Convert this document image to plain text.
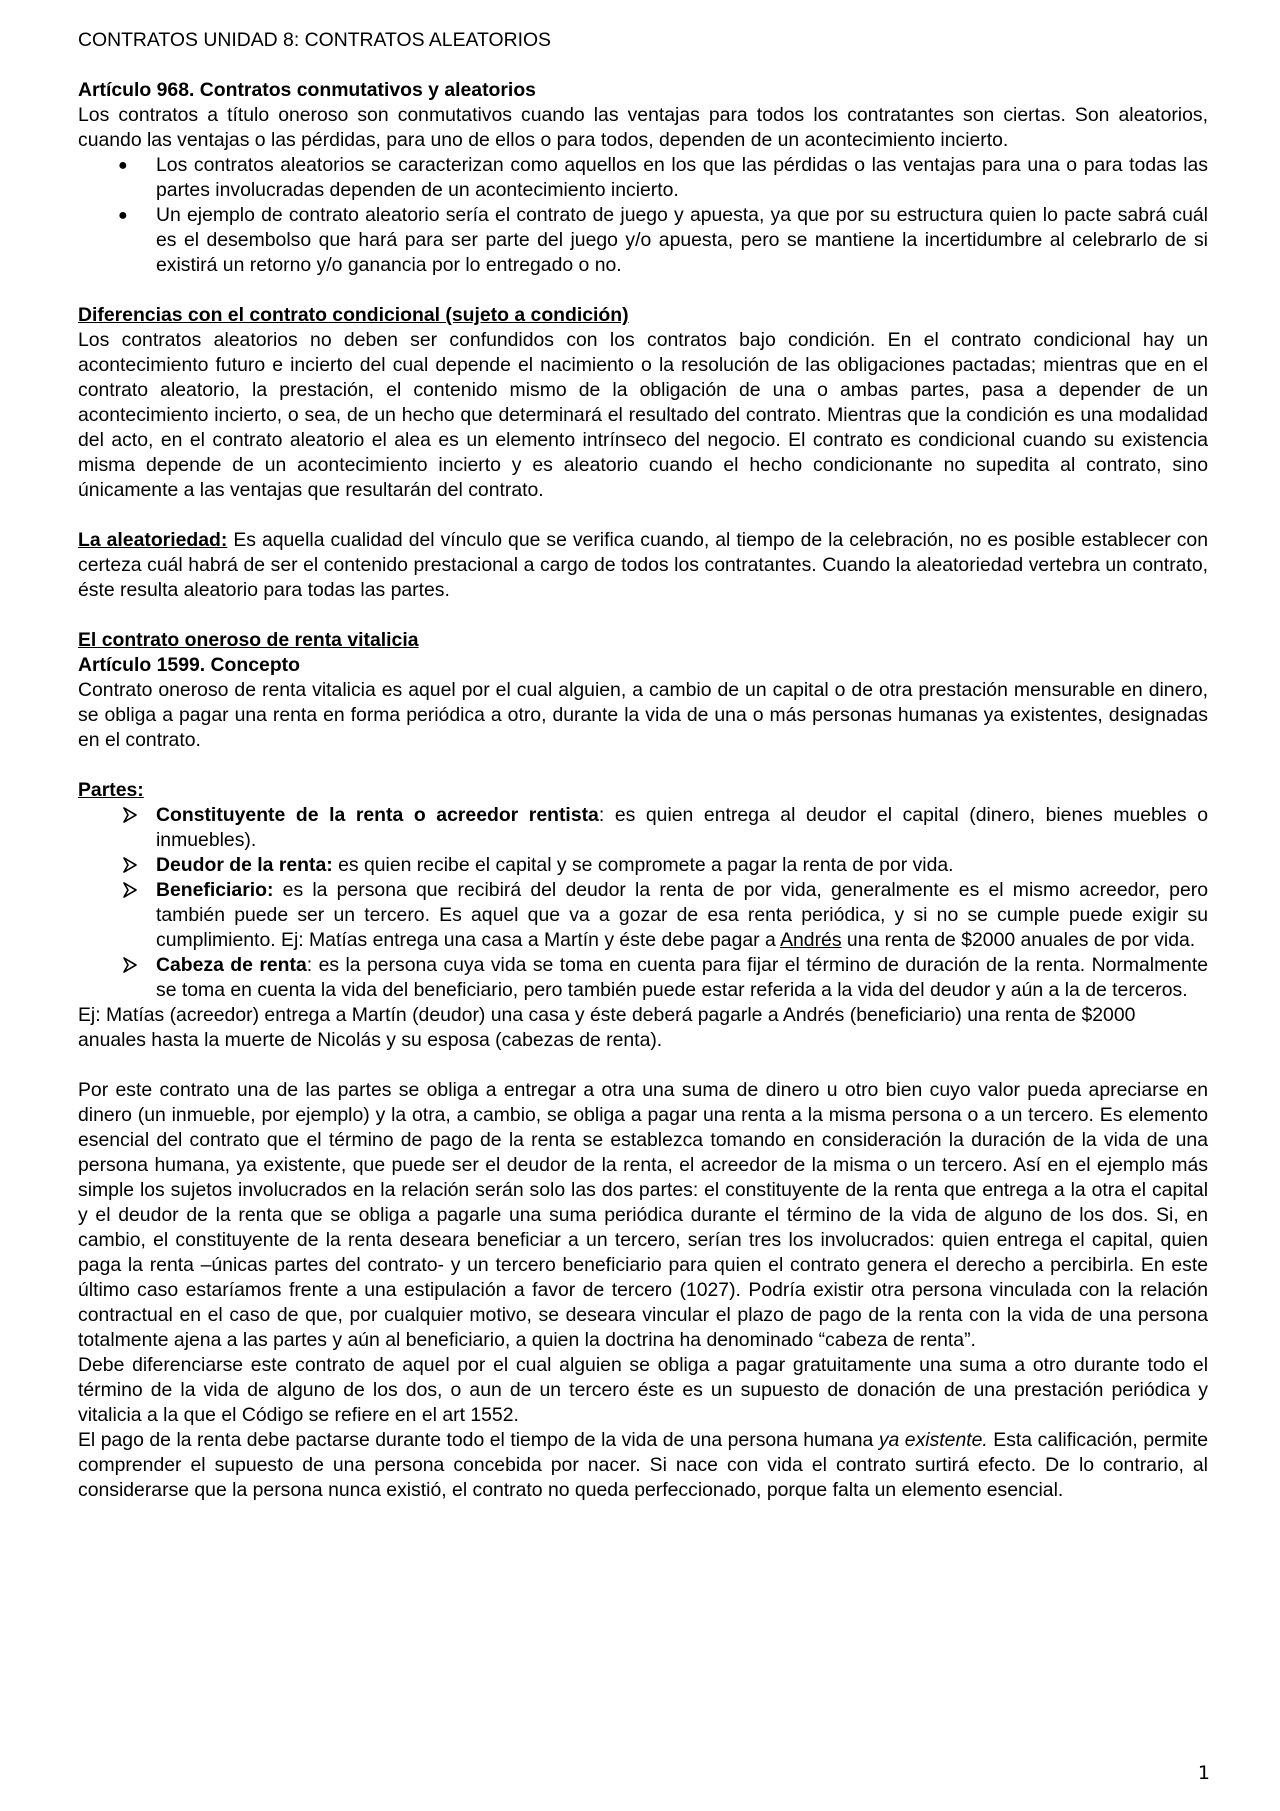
CONTRATOS UNIDAD 8: CONTRATOS ALEATORIOS

Artículo 968. Contratos conmutativos y aleatorios

Los contratos a título oneroso son conmutativos cuando las ventajas para todos los contratantes son ciertas. Son aleatorios, cuando las ventajas o las pérdidas, para uno de ellos o para todos, dependen de un acontecimiento incierto.

● Los contratos aleatorios se caracterizan como aquellos en los que las pérdidas o las ventajas para una o para todas las partes involucradas dependen de un acontecimiento incierto.
● Un ejemplo de contrato aleatorio sería el contrato de juego y apuesta, ya que por su estructura quien lo pacte sabrá cuál es el desembolso que hará para ser parte del juego y/o apuesta, pero se mantiene la incertidumbre al celebrarlo de si existirá un retorno y/o ganancia por lo entregado o no.

Diferencias con el contrato condicional (sujeto a condición)

Los contratos aleatorios no deben ser confundidos con los contratos bajo condición. En el contrato condicional hay un acontecimiento futuro e incierto del cual depende el nacimiento o la resolución de las obligaciones pactadas; mientras que en el contrato aleatorio, la prestación, el contenido mismo de la obligación de una o ambas partes, pasa a depender de un acontecimiento incierto, o sea, de un hecho que determinará el resultado del contrato. Mientras que la condición es una modalidad del acto, en el contrato aleatorio el alea es un elemento intrínseco del negocio. El contrato es condicional cuando su existencia misma depende de un acontecimiento incierto y es aleatorio cuando el hecho condicionante no supedita al contrato, sino únicamente a las ventajas que resultarán del contrato.

La aleatoriedad: Es aquella cualidad del vínculo que se verifica cuando, al tiempo de la celebración, no es posible establecer con certeza cuál habrá de ser el contenido prestacional a cargo de todos los contratantes. Cuando la aleatoriedad vertebra un contrato, éste resulta aleatorio para todas las partes.

El contrato oneroso de renta vitalicia

Artículo 1599. Concepto

Contrato oneroso de renta vitalicia es aquel por el cual alguien, a cambio de un capital o de otra prestación mensurable en dinero, se obliga a pagar una renta en forma periódica a otro, durante la vida de una o más personas humanas ya existentes, designadas en el contrato.

Partes:

Constituyente de la renta o acreedor rentista: es quien entrega al deudor el capital (dinero, bienes muebles o inmuebles).
Deudor de la renta: es quien recibe el capital y se compromete a pagar la renta de por vida.
Beneficiario: es la persona que recibirá del deudor la renta de por vida, generalmente es el mismo acreedor, pero también puede ser un tercero. Es aquel que va a gozar de esa renta periódica, y si no se cumple puede exigir su cumplimiento. Ej: Matías entrega una casa a Martín y éste debe pagar a Andrés una renta de $2000 anuales de por vida.
Cabeza de renta: es la persona cuya vida se toma en cuenta para fijar el término de duración de la renta. Normalmente se toma en cuenta la vida del beneficiario, pero también puede estar referida a la vida del deudor y aún a la de terceros.

Ej: Matías (acreedor) entrega a Martín (deudor) una casa y éste deberá pagarle a Andrés (beneficiario) una renta de $2000 anuales hasta la muerte de Nicolás y su esposa (cabezas de renta).

Por este contrato una de las partes se obliga a entregar a otra una suma de dinero u otro bien cuyo valor pueda apreciarse en dinero (un inmueble, por ejemplo) y la otra, a cambio, se obliga a pagar una renta a la misma persona o a un tercero. Es elemento esencial del contrato que el término de pago de la renta se establezca tomando en consideración la duración de la vida de una persona humana, ya existente, que puede ser el deudor de la renta, el acreedor de la misma o un tercero. Así en el ejemplo más simple los sujetos involucrados en la relación serán solo las dos partes: el constituyente de la renta que entrega a la otra el capital y el deudor de la renta que se obliga a pagarle una suma periódica durante el término de la vida de alguno de los dos. Si, en cambio, el constituyente de la renta deseara beneficiar a un tercero, serían tres los involucrados: quien entrega el capital, quien paga la renta –únicas partes del contrato- y un tercero beneficiario para quien el contrato genera el derecho a percibirla. En este último caso estaríamos frente a una estipulación a favor de tercero (1027). Podría existir otra persona vinculada con la relación contractual en el caso de que, por cualquier motivo, se deseara vincular el plazo de pago de la renta con la vida de una persona totalmente ajena a las partes y aún al beneficiario, a quien la doctrina ha denominado “cabeza de renta”.

Debe diferenciarse este contrato de aquel por el cual alguien se obliga a pagar gratuitamente una suma a otro durante todo el término de la vida de alguno de los dos, o aun de un tercero éste es un supuesto de donación de una prestación periódica y vitalicia a la que el Código se refiere en el art 1552.

El pago de la renta debe pactarse durante todo el tiempo de la vida de una persona humana ya existente. Esta calificación, permite comprender el supuesto de una persona concebida por nacer. Si nace con vida el contrato surtirá efecto. De lo contrario, al considerarse que la persona nunca existió, el contrato no queda perfeccionado, porque falta un elemento esencial.

1
